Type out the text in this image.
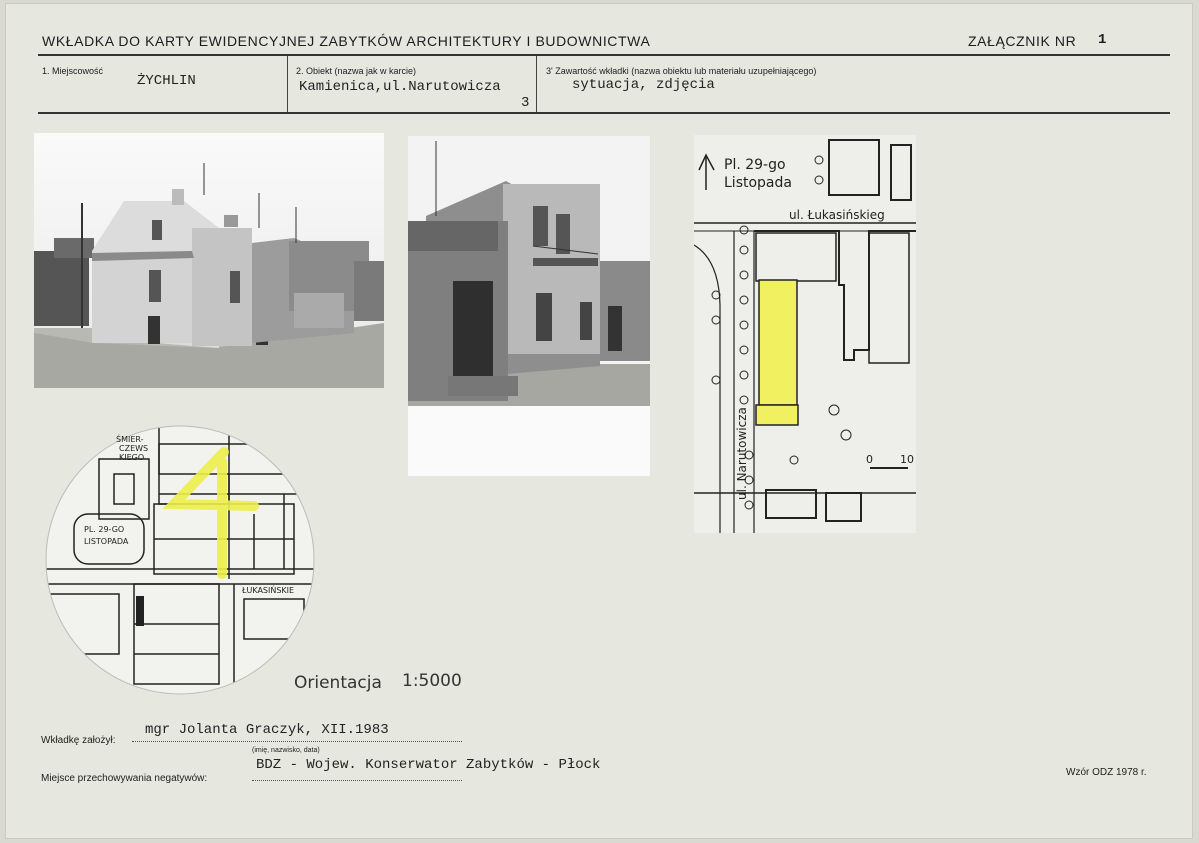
WKŁADKA DO KARTY EWIDENCYJNEJ ZABYTKÓW ARCHITEKTURY I BUDOWNICTWA	ZAŁĄCZNIK NR 1
1. Miejscowość
ŻYCHLIN
2. Obiekt (nazwa jak w karcie)
Kamienica,ul.Narutowicza
3
3' Zawartość wkładki (nazwa obiektu lub materiału uzupełniającego)
sytuacja, zdjęcia
Pl. 29-go
Listopada
ul. Łukasińskieg
ul. Narutowicza	0 10
ŚMIER-
CZEWS
KIEGO
PL. 29-GO
LISTOPADA
ŁUKASIŃSKIE
Orientacja 1:5000
Wkładkę założył:
mgr Jolanta Graczyk, XII.1983
(imię, nazwisko, data)
Miejsce przechowywania negatywów:
BDZ - Wojew. Konserwator Zabytków - Płock	Wzór ODZ 1978 r.
